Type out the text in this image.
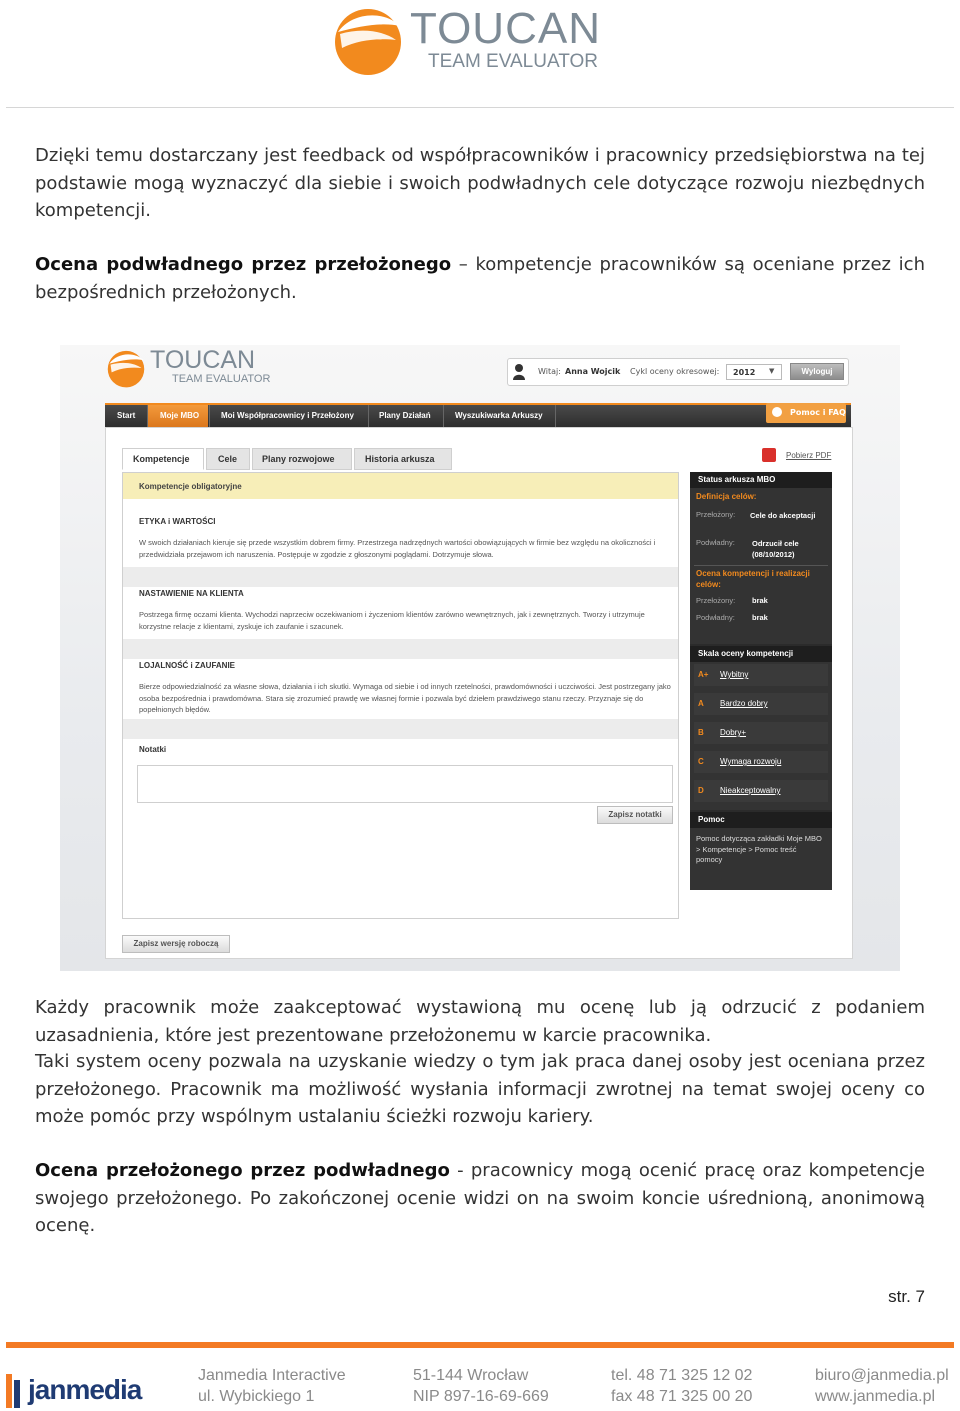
TOUCAN
TEAM EVALUATOR
Dzięki temu dostarczany jest feedback od współpracowników i pracownicy przedsiębiorstwa na tej podstawie mogą wyznaczyć dla siebie i swoich podwładnych cele dotyczące rozwoju niezbędnych kompetencji.
Ocena podwładnego przez przełożonego – kompetencje pracowników są oceniane przez ich bezpośrednich przełożonych.
TOUCAN
TEAM EVALUATOR
Witaj: Anna Wojcik Cykl oceny okresowej: 2012 ▼	Wyloguj
Start	Moje MBO	Moi Współpracownicy i Przełożony	Plany Działań	Wyszukiwarka Arkuszy	Pomoc i FAQ
Kompetencje	Cele	Plany rozwojowe	Historia arkusza	Pobierz PDF
Kompetencje obligatoryjne
ETYKA i WARTOŚCI
W swoich działaniach kieruje się przede wszystkim dobrem firmy. Przestrzega nadrzędnych wartości obowiązujących w firmie bez względu na okoliczności i przedwidziała przejawom ich naruszenia. Postępuje w zgodzie z głoszonymi poglądami. Dotrzymuje słowa.
NASTAWIENIE NA KLIENTA
Postrzega firmę oczami klienta. Wychodzi naprzeciw oczekiwaniom i życzeniom klientów zarówno wewnętrznych, jak i zewnętrznych. Tworzy i utrzymuje korzystne relacje z klientami, zyskuje ich zaufanie i szacunek.
LOJALNOŚĆ i ZAUFANIE
Bierze odpowiedzialność za własne słowa, działania i ich skutki. Wymaga od siebie i od innych rzetelności, prawdomówności i uczciwości. Jest postrzegany jako osoba bezpośrednia i prawdomówna. Stara się zrozumieć prawdę we własnej formie i pozwala być dziełem prawdziwego stanu rzeczy. Przyznaje się do popełnionych błędów.
Notatki
Zapisz notatki
Zapisz wersję roboczą
Status arkusza MBO
Definicja celów:
Przełożony: Cele do akceptacji
Podwładny: Odrzucił cele (08/10/2012)
Ocena kompetencji i realizacji celów:
Przełożony: brak
Podwładny: brak
Skala oceny kompetencji
A+ Wybitny
A Bardzo dobry
B Dobry+
C Wymaga rozwoju
D Nieakceptowalny
Pomoc
Pomoc dotycząca zakładki Moje MBO > Kompetencje > Pomoc treść pomocy
Każdy pracownik może zaakceptować wystawioną mu ocenę lub ją odrzucić z podaniem uzasadnienia, które jest prezentowane przełożonemu w karcie pracownika.
Taki system oceny pozwala na uzyskanie wiedzy o tym jak praca danej osoby jest oceniana przez przełożonego. Pracownik ma możliwość wysłania informacji zwrotnej na temat swojej oceny co może pomóc przy wspólnym ustalaniu ścieżki rozwoju kariery.
Ocena przełożonego przez podwładnego - pracownicy mogą ocenić pracę oraz kompetencje swojego przełożonego. Po zakończonej ocenie widzi on na swoim koncie uśrednioną, anonimową ocenę.
str. 7
janmedia	Janmedia Interactive
ul. Wybickiego 1
51-144 Wrocław
NIP 897-16-69-669
tel. 48 71 325 12 02
fax 48 71 325 00 20
biuro@janmedia.pl
www.janmedia.pl
